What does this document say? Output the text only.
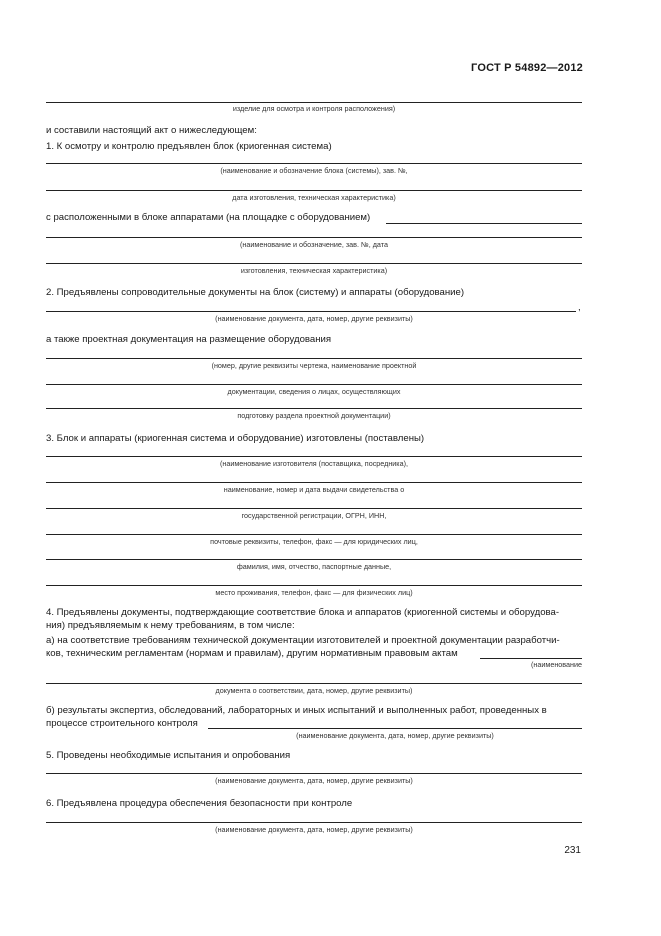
ГОСТ Р 54892—2012
изделие для осмотра и контроля расположения)
и составили настоящий акт о нижеследующем:
1. К осмотру и контролю предъявлен блок (криогенная система)
(наименование и обозначение блока (системы), зав. №,
дата изготовления, техническая характеристика)
с расположенными в блоке аппаратами (на площадке с оборудованием)
(наименование и обозначение, зав. №, дата
изготовления, техническая характеристика)
2. Предъявлены сопроводительные документы на блок (систему) и аппараты (оборудование)
,
(наименование документа, дата, номер, другие реквизиты)
а также проектная документация на размещение оборудования
(номер, другие реквизиты чертежа, наименование проектной
документации, сведения о лицах, осуществляющих
подготовку раздела проектной документации)
3. Блок и аппараты (криогенная система и оборудование) изготовлены (поставлены)
(наименование изготовителя (поставщика, посредника),
наименование, номер и дата выдачи свидетельства о
государственной регистрации, ОГРН, ИНН,
почтовые реквизиты, телефон, факс — для юридических лиц,
фамилия, имя, отчество, паспортные данные,
место проживания, телефон, факс — для физических лиц)
4. Предъявлены документы, подтверждающие соответствие блока и аппаратов (криогенной системы и оборудова-
ния) предъявляемым к нему требованиям, в том числе:
а) на соответствие требованиям технической документации изготовителей и проектной документации разработчи-
ков, техническим регламентам (нормам и правилам), другим нормативным правовым актам
(наименование
документа о соответствии, дата, номер, другие реквизиты)
б) результаты экспертиз, обследований, лабораторных и иных испытаний и выполненных работ, проведенных в
процессе строительного контроля
(наименование документа, дата, номер, другие реквизиты)
5. Проведены необходимые испытания и опробования
(наименование документа, дата, номер, другие реквизиты)
6. Предъявлена процедура обеспечения безопасности при контроле
(наименование документа, дата, номер, другие реквизиты)
231
